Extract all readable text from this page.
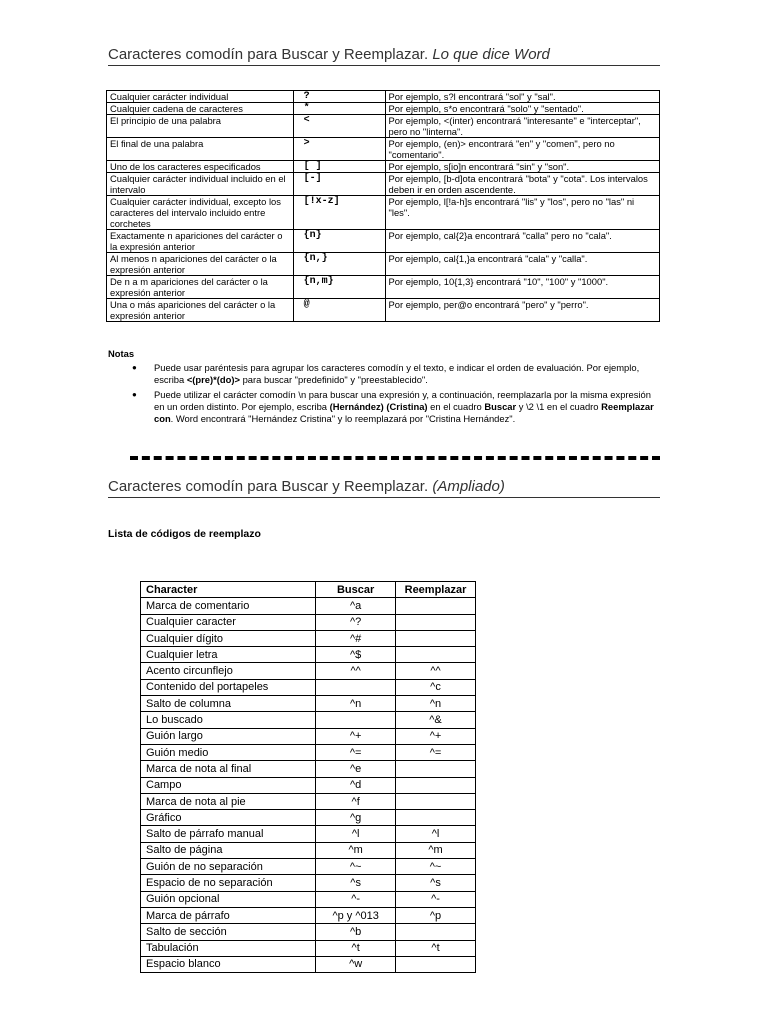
Caracteres comodín para Buscar y Reemplazar. Lo que dice Word
Cualquier carácter individual	?	Por ejemplo, s?l encontrará "sol" y "sal".
Cualquier cadena de caracteres	*	Por ejemplo, s*o encontrará "solo" y "sentado".
El principio de una palabra	<	Por ejemplo, <(inter) encontrará "interesante" e "interceptar", pero no "linterna".
El final de una palabra	>	Por ejemplo, (en)> encontrará "en" y "comen", pero no "comentario".
Uno de los caracteres especificados	[ ]	Por ejemplo, s[io]n encontrará "sin" y "son".
Cualquier carácter individual incluido en el intervalo	[-]	Por ejemplo, [b-d]ota encontrará "bota" y "cota". Los intervalos deben ir en orden ascendente.
Cualquier carácter individual, excepto los caracteres del intervalo incluido entre corchetes	[!x-z]	Por ejemplo, l[!a-h]s encontrará "lis" y "los", pero no "las" ni "les".
Exactamente n apariciones del carácter o la expresión anterior	{n}	Por ejemplo, cal{2}a encontrará "calla" pero no "cala".
Al menos n apariciones del carácter o la expresión anterior	{n,}	Por ejemplo, cal{1,}a encontrará "cala" y "calla".
De n a m apariciones del carácter o la expresión anterior	{n,m}	Por ejemplo, 10{1,3} encontrará "10", "100" y "1000".
Una o más apariciones del carácter o la expresión anterior	@	Por ejemplo, per@o encontrará "pero" y "perro".
Notas
● Puede usar paréntesis para agrupar los caracteres comodín y el texto, e indicar el orden de evaluación. Por ejemplo, escriba <(pre)*(do)> para buscar "predefinido" y "preestablecido".
● Puede utilizar el carácter comodín \n para buscar una expresión y, a continuación, reemplazarla por la misma expresión en un orden distinto. Por ejemplo, escriba (Hernández) (Cristina) en el cuadro Buscar y \2 \1 en el cuadro Reemplazar con. Word encontrará "Hernández Cristina" y lo reemplazará por "Cristina Hernández".
Caracteres comodín para Buscar y Reemplazar. (Ampliado)
Lista de códigos de reemplazo
Character	Buscar	Reemplazar
Marca de comentario	^a	
Cualquier caracter	^?	
Cualquier dígito	^#	
Cualquier letra	^$	
Acento circunflejo	^^	^^
Contenido del portapeles		^c
Salto de columna	^n	^n
Lo buscado		^&
Guión largo	^+	^+
Guión medio	^=	^=
Marca de nota al final	^e	
Campo	^d	
Marca de nota al pie	^f	
Gráfico	^g	
Salto de párrafo manual	^l	^l
Salto de página	^m	^m
Guión de no separación	^~	^~
Espacio de no separación	^s	^s
Guión opcional	^-	^-
Marca de párrafo	^p y ^013	^p
Salto de sección	^b	
Tabulación	^t	^t
Espacio blanco	^w	
